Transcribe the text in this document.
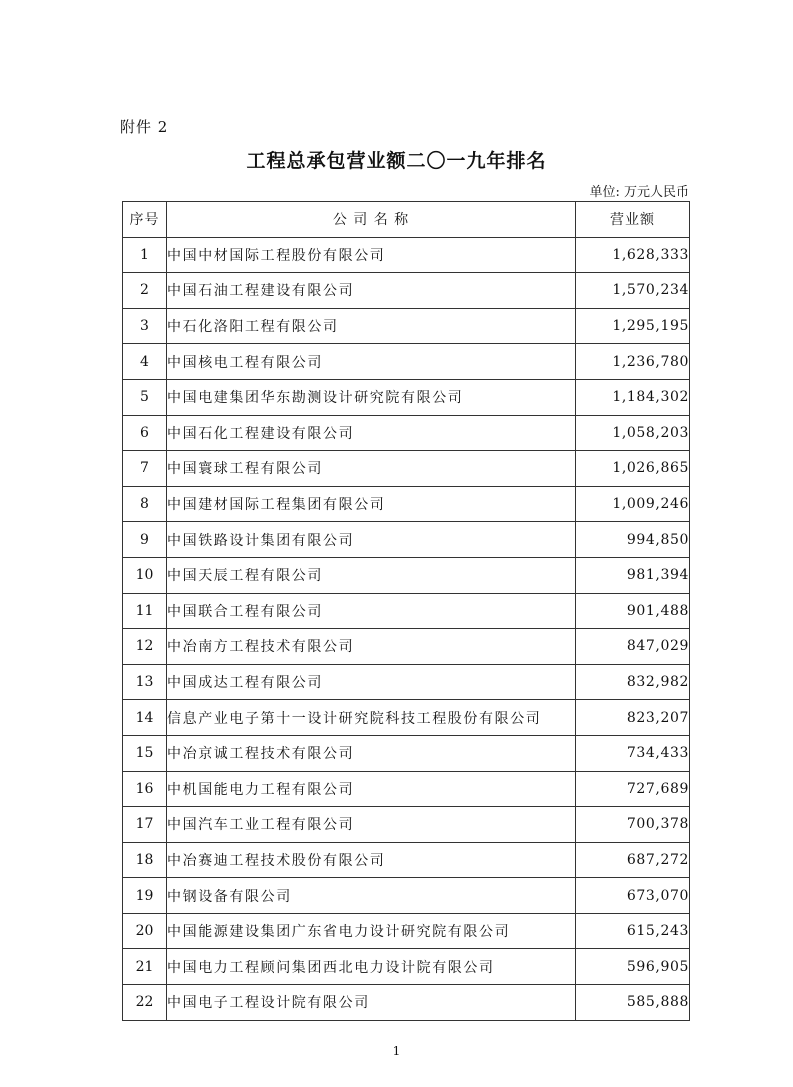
附件 2
工程总承包营业额二〇一九年排名
单位: 万元人民币
序号	公 司 名 称	营业额
1	中国中材国际工程股份有限公司	1,628,333
2	中国石油工程建设有限公司	1,570,234
3	中石化洛阳工程有限公司	1,295,195
4	中国核电工程有限公司	1,236,780
5	中国电建集团华东勘测设计研究院有限公司	1,184,302
6	中国石化工程建设有限公司	1,058,203
7	中国寰球工程有限公司	1,026,865
8	中国建材国际工程集团有限公司	1,009,246
9	中国铁路设计集团有限公司	994,850
10	中国天辰工程有限公司	981,394
11	中国联合工程有限公司	901,488
12	中冶南方工程技术有限公司	847,029
13	中国成达工程有限公司	832,982
14	信息产业电子第十一设计研究院科技工程股份有限公司	823,207
15	中冶京诚工程技术有限公司	734,433
16	中机国能电力工程有限公司	727,689
17	中国汽车工业工程有限公司	700,378
18	中冶赛迪工程技术股份有限公司	687,272
19	中钢设备有限公司	673,070
20	中国能源建设集团广东省电力设计研究院有限公司	615,243
21	中国电力工程顾问集团西北电力设计院有限公司	596,905
22	中国电子工程设计院有限公司	585,888
1
